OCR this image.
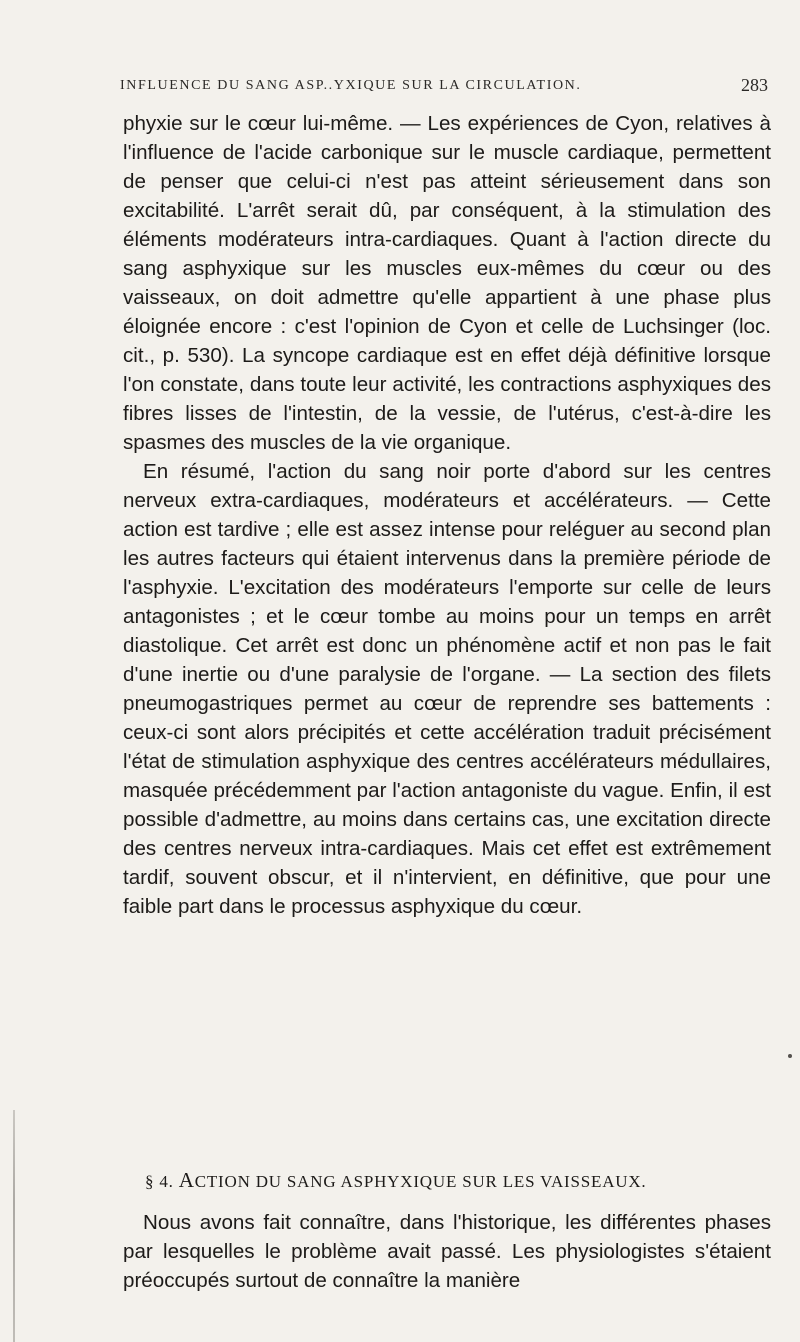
INFLUENCE DU SANG ASP..YXIQUE SUR LA CIRCULATION.	283

phyxie sur le cœur lui-même. — Les expériences de Cyon, relatives à l'influence de l'acide carbonique sur le muscle cardiaque, permettent de penser que celui-ci n'est pas atteint sérieusement dans son excitabilité. L'arrêt serait dû, par conséquent, à la stimulation des éléments modérateurs intra-cardiaques. Quant à l'action directe du sang asphyxique sur les muscles eux-mêmes du cœur ou des vaisseaux, on doit admettre qu'elle appartient à une phase plus éloignée encore : c'est l'opinion de Cyon et celle de Luchsinger (loc. cit., p. 530). La syncope cardiaque est en effet déjà définitive lorsque l'on constate, dans toute leur activité, les contractions asphyxiques des fibres lisses de l'intestin, de la vessie, de l'utérus, c'est-à-dire les spasmes des muscles de la vie organique.

En résumé, l'action du sang noir porte d'abord sur les centres nerveux extra-cardiaques, modérateurs et accélérateurs. — Cette action est tardive ; elle est assez intense pour reléguer au second plan les autres facteurs qui étaient intervenus dans la première période de l'asphyxie. L'excitation des modérateurs l'emporte sur celle de leurs antagonistes ; et le cœur tombe au moins pour un temps en arrêt diastolique. Cet arrêt est donc un phénomène actif et non pas le fait d'une inertie ou d'une paralysie de l'organe. — La section des filets pneumogastriques permet au cœur de reprendre ses battements : ceux-ci sont alors précipités et cette accélération traduit précisément l'état de stimulation asphyxique des centres accélérateurs médullaires, masquée précédemment par l'action antagoniste du vague. Enfin, il est possible d'admettre, au moins dans certains cas, une excitation directe des centres nerveux intra-cardiaques. Mais cet effet est extrêmement tardif, souvent obscur, et il n'intervient, en définitive, que pour une faible part dans le processus asphyxique du cœur.

§ 4. ACTION DU SANG ASPHYXIQUE SUR LES VAISSEAUX.

Nous avons fait connaître, dans l'historique, les différentes phases par lesquelles le problème avait passé. Les physiologistes s'étaient préoccupés surtout de connaître la manière
